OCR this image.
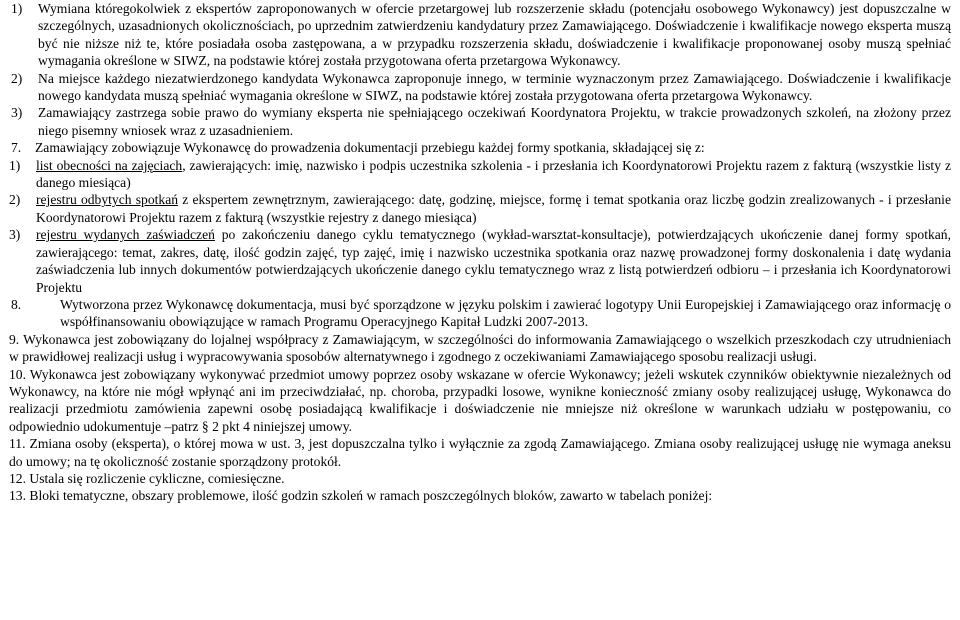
1)	Wymiana któregokolwiek z ekspertów zaproponowanych w ofercie przetargowej lub rozszerzenie składu (potencjału osobowego Wykonawcy) jest dopuszczalne w szczególnych, uzasadnionych okolicznościach, po uprzednim zatwierdzeniu kandydatury przez Zamawiającego. Doświadczenie i kwalifikacje nowego eksperta muszą być nie niższe niż te, które posiadała osoba zastępowana, a w przypadku rozszerzenia składu, doświadczenie i kwalifikacje proponowanej osoby muszą spełniać wymagania określone w SIWZ, na podstawie której została przygotowana oferta przetargowa Wykonawcy.
2)	Na miejsce każdego niezatwierdzonego kandydata Wykonawca zaproponuje innego, w terminie wyznaczonym przez Zamawiającego. Doświadczenie i kwalifikacje nowego kandydata muszą spełniać wymagania określone w SIWZ, na podstawie której została przygotowana oferta przetargowa Wykonawcy.
3)	Zamawiający zastrzega sobie prawo do wymiany eksperta nie spełniającego oczekiwań Koordynatora Projektu, w trakcie prowadzonych szkoleń, na złożony przez niego pisemny wniosek wraz z uzasadnieniem.
7.	Zamawiający zobowiązuje Wykonawcę do prowadzenia dokumentacji przebiegu każdej formy spotkania, składającej się z:
1)	list obecności na zajęciach, zawierających: imię, nazwisko i podpis uczestnika szkolenia - i przesłania ich Koordynatorowi Projektu razem z fakturą (wszystkie listy z danego miesiąca)
2)	rejestru odbytych spotkań z ekspertem zewnętrznym, zawierającego: datę, godzinę, miejsce, formę i temat spotkania oraz liczbę godzin zrealizowanych - i przesłanie Koordynatorowi Projektu razem z fakturą (wszystkie rejestry z danego miesiąca)
3)	rejestru wydanych zaświadczeń po zakończeniu danego cyklu tematycznego (wykład-warsztat-konsultacje), potwierdzających ukończenie danej formy spotkań, zawierającego: temat, zakres, datę, ilość godzin zajęć, typ zajęć, imię i nazwisko uczestnika spotkania oraz nazwę prowadzonej formy doskonalenia i datę wydania zaświadczenia lub innych dokumentów potwierdzających ukończenie danego cyklu tematycznego wraz z listą potwierdzeń odbioru – i przesłania ich Koordynatorowi Projektu
8.	Wytworzona przez Wykonawcę dokumentacja, musi być sporządzone w języku polskim i zawierać logotypy Unii Europejskiej i Zamawiającego oraz informację o współfinansowaniu obowiązujące w ramach Programu Operacyjnego Kapitał Ludzki 2007-2013.

9. Wykonawca jest zobowiązany do lojalnej współpracy z Zamawiającym, w szczególności do informowania Zamawiającego o wszelkich przeszkodach czy utrudnieniach w prawidłowej realizacji usług i wypracowywania sposobów alternatywnego i zgodnego z oczekiwaniami Zamawiającego sposobu realizacji usługi.

10. Wykonawca jest zobowiązany wykonywać przedmiot umowy poprzez osoby wskazane w ofercie Wykonawcy; jeżeli wskutek czynników obiektywnie niezależnych od Wykonawcy, na które nie mógł wpłynąć ani im przeciwdziałać, np. choroba, przypadki losowe, wynikne konieczność zmiany osoby realizującej usługę, Wykonawca do realizacji przedmiotu zamówienia zapewni osobę posiadającą kwalifikacje i doświadczenie nie mniejsze niż określone w warunkach udziału w postępowaniu, co odpowiednio udokumentuje –patrz § 2 pkt 4 niniejszej umowy.

11. Zmiana osoby (eksperta), o której mowa w ust. 3, jest dopuszczalna tylko i wyłącznie za zgodą Zamawiającego. Zmiana osoby realizującej usługę nie wymaga aneksu do umowy; na tę okoliczność zostanie sporządzony protokół.

12. Ustala się rozliczenie cykliczne, comiesięczne.

13. Bloki tematyczne, obszary problemowe, ilość godzin szkoleń w ramach poszczególnych bloków, zawarto w tabelach poniżej:
